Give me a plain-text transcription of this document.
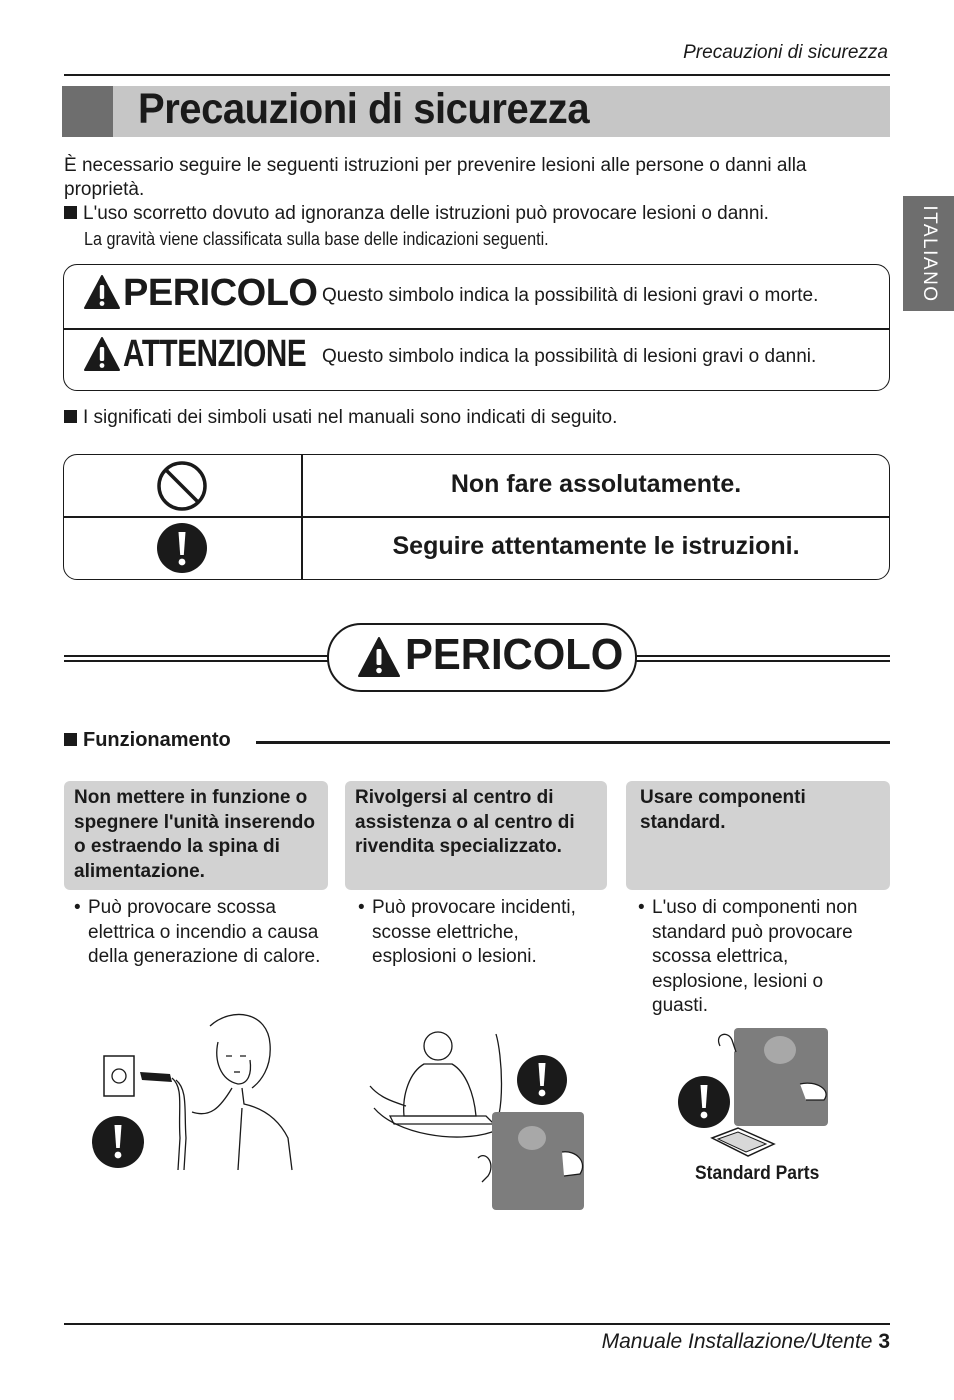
Precauzioni di sicurezza
Precauzioni di sicurezza
ITALIANO
È necessario seguire le seguenti istruzioni per prevenire lesioni alle persone o danni alla proprietà.
L'uso scorretto dovuto ad ignoranza delle istruzioni può provocare lesioni o danni.
La gravità viene classificata sulla base delle indicazioni seguenti.
PERICOLO Questo simbolo indica la possibilità di lesioni gravi o morte.
ATTENZIONE Questo simbolo indica la possibilità di lesioni gravi o danni.
I significati dei simboli usati nel manuali sono indicati di seguito.
Non fare assolutamente.
Seguire attentamente le istruzioni.
PERICOLO
Funzionamento
Non mettere in funzione o spegnere l'unità inserendo o estraendo la spina di alimentazione.
Rivolgersi al centro di assistenza o al centro di rivendita specializzato.
Usare componenti standard.
• Può provocare scossa elettrica o incendio a causa della generazione di calore.
• Può provocare incidenti, scosse elettriche, esplosioni o lesioni.
• L'uso di componenti non standard può provocare scossa elettrica, esplosione, lesioni o guasti.
Standard Parts
Manuale Installazione/Utente 3
